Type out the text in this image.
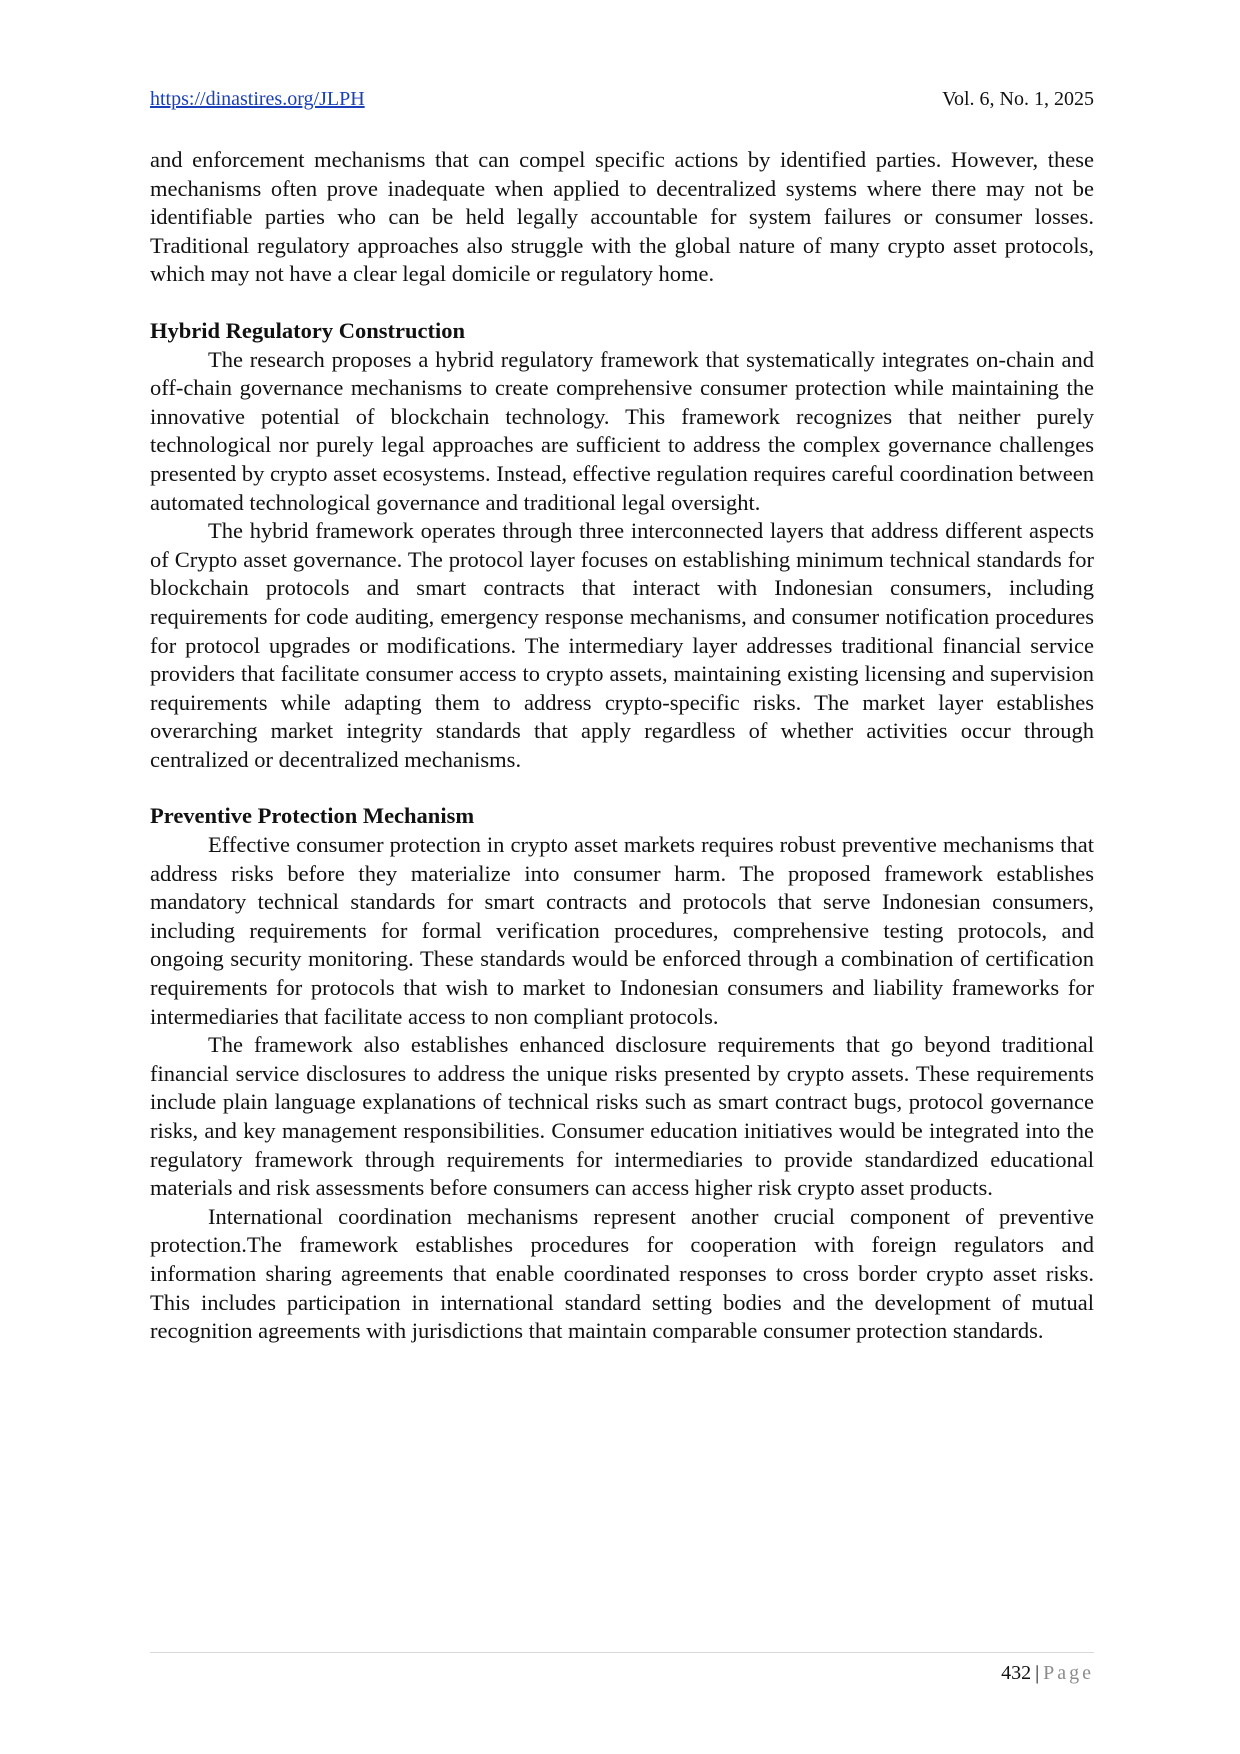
https://dinastires.org/JLPH	Vol. 6, No. 1, 2025

and enforcement mechanisms that can compel specific actions by identified parties. However, these mechanisms often prove inadequate when applied to decentralized systems where there may not be identifiable parties who can be held legally accountable for system failures or consumer losses. Traditional regulatory approaches also struggle with the global nature of many crypto asset protocols, which may not have a clear legal domicile or regulatory home.

Hybrid Regulatory Construction

The research proposes a hybrid regulatory framework that systematically integrates on-chain and off-chain governance mechanisms to create comprehensive consumer protection while maintaining the innovative potential of blockchain technology. This framework recognizes that neither purely technological nor purely legal approaches are sufficient to address the complex governance challenges presented by crypto asset ecosystems. Instead, effective regulation requires careful coordination between automated technological governance and traditional legal oversight.

The hybrid framework operates through three interconnected layers that address different aspects of Crypto asset governance. The protocol layer focuses on establishing minimum technical standards for blockchain protocols and smart contracts that interact with Indonesian consumers, including requirements for code auditing, emergency response mechanisms, and consumer notification procedures for protocol upgrades or modifications. The intermediary layer addresses traditional financial service providers that facilitate consumer access to crypto assets, maintaining existing licensing and supervision requirements while adapting them to address crypto-specific risks. The market layer establishes overarching market integrity standards that apply regardless of whether activities occur through centralized or decentralized mechanisms.

Preventive Protection Mechanism

Effective consumer protection in crypto asset markets requires robust preventive mechanisms that address risks before they materialize into consumer harm. The proposed framework establishes mandatory technical standards for smart contracts and protocols that serve Indonesian consumers, including requirements for formal verification procedures, comprehensive testing protocols, and ongoing security monitoring. These standards would be enforced through a combination of certification requirements for protocols that wish to market to Indonesian consumers and liability frameworks for intermediaries that facilitate access to non compliant protocols.

The framework also establishes enhanced disclosure requirements that go beyond traditional financial service disclosures to address the unique risks presented by crypto assets. These requirements include plain language explanations of technical risks such as smart contract bugs, protocol governance risks, and key management responsibilities. Consumer education initiatives would be integrated into the regulatory framework through requirements for intermediaries to provide standardized educational materials and risk assessments before consumers can access higher risk crypto asset products.

International coordination mechanisms represent another crucial component of preventive protection.The framework establishes procedures for cooperation with foreign regulators and information sharing agreements that enable coordinated responses to cross border crypto asset risks. This includes participation in international standard setting bodies and the development of mutual recognition agreements with jurisdictions that maintain comparable consumer protection standards.

432 | Page
